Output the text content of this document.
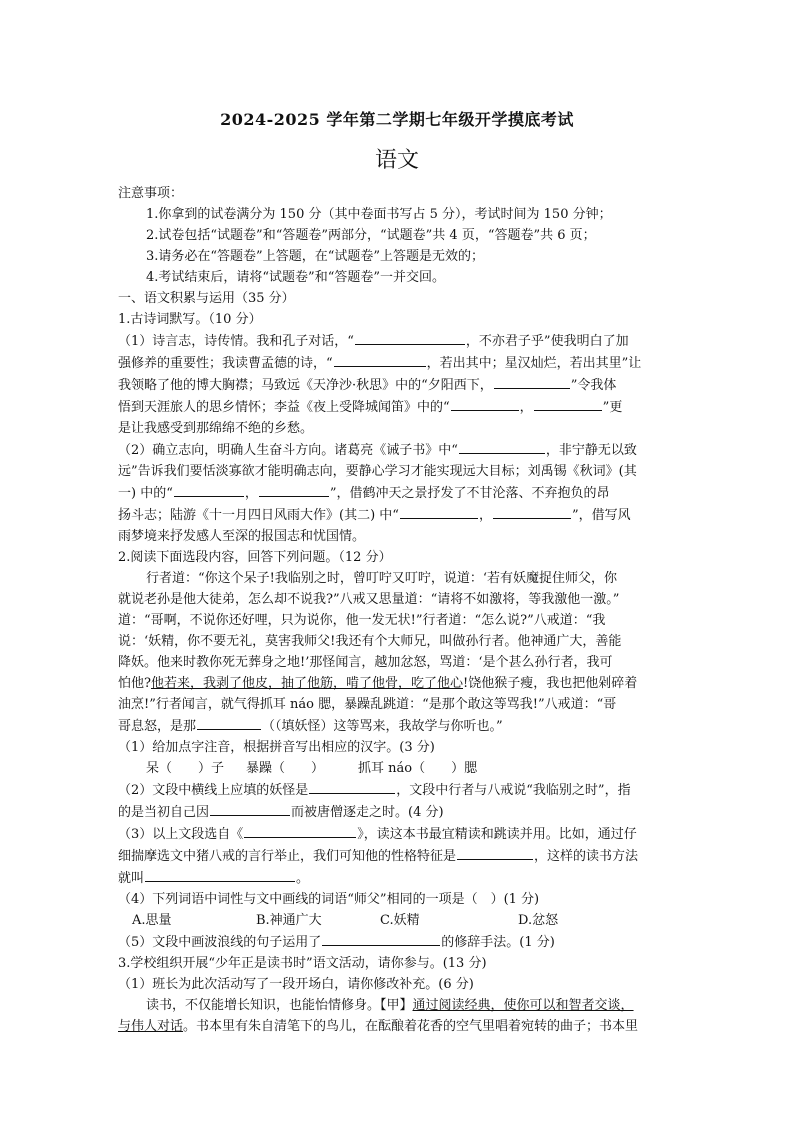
2024-2025 学年第二学期七年级开学摸底考试
语文
注意事项：
1.你拿到的试卷满分为 150 分（其中卷面书写占 5 分），考试时间为 150 分钟；
2.试卷包括“试题卷”和“答题卷”两部分，“试题卷”共 4 页，“答题卷”共 6 页；
3.请务必在“答题卷”上答题，在“试题卷”上答题是无效的；
4.考试结束后，请将“试题卷”和“答题卷”一并交回。
一、语文积累与运用（35 分）
1.古诗词默写。（10 分）
（1）诗言志，诗传情。我和孔子对话，“	，不亦君子乎”使我明白了加
强修养的重要性；我读曹孟德的诗，“	，若出其中；星汉灿烂，若出其里”让
我领略了他的博大胸襟；马致远《天净沙·秋思》中的“夕阳西下，	”令我体
悟到天涯旅人的思乡情怀；李益《夜上受降城闻笛》中的“	，	”更
是让我感受到那绵绵不绝的乡愁。
（2）确立志向，明确人生奋斗方向。诸葛亮《诫子书》中“	，非宁静无以致
远”告诉我们要恬淡寡欲才能明确志向，要静心学习才能实现远大目标；刘禹锡《秋词》(其
一) 中的“	，	”，借鹤冲天之景抒发了不甘沦落、不弃抱负的昂
扬斗志；陆游《十一月四日风雨大作》(其二) 中“	，	”，借写风
雨梦境来抒发感人至深的报国志和忧国情。
2.阅读下面选段内容，回答下列问题。（12 分）
行者道：“你这个呆子!我临别之时，曾叮咛又叮咛，说道：‘若有妖魔捉住师父，你
就说老孙是他大徒弟，怎么却不说我?”八戒又思量道：“请将不如激将，等我激他一激。”
道：“哥啊，不说你还好哩，只为说你，他一发无状!”行者道：“怎么说?”八戒道：“我
说：‘妖精，你不要无礼，莫害我师父!我还有个大师兄，叫做孙行者。他神通广大，善能
降妖。他来时教你死无葬身之地!’那怪闻言，越加忿怒，骂道：‘是个甚么孙行者，我可
怕他?他若来，我剥了他皮，抽了他筋，啃了他骨，吃了他心!饶他猴子瘦，我也把他剁碎着
油烹!”行者闻言，就气得抓耳 náo 腮，暴躁乱跳道：“是那个敢这等骂我!”八戒道：“哥
哥息怒，是那	（（填妖怪）这等骂来，我故学与你听也。”
（1）给加点字注音，根据拼音写出相应的汉字。(3 分)
呆（　　）子 暴躁（　　）	抓耳 náo（　　）腮
（2）文段中横线上应填的妖怪是	，文段中行者与八戒说“我临别之时”，指
的是当初自己因	而被唐僧逐走之时。(4 分)
（3）以上文段选自《	》，读这本书最宜精读和跳读并用。比如，通过仔
细揣摩选文中猪八戒的言行举止，我们可知他的性格特征是	，这样的读书方法
就叫	。
（4）下列词语中词性与文中画线的词语“师父”相同的一项是（　）(1 分)
A.思量	B.神通广大	C.妖精	D.忿怒
（5）文段中画波浪线的句子运用了	的修辞手法。(1 分)
3.学校组织开展“少年正是读书时”语文活动，请你参与。(13 分)
（1）班长为此次活动写了一段开场白，请你修改补充。(6 分)
读书，不仅能增长知识，也能怡情修身。【甲】通过阅读经典，使你可以和智者交谈，
与伟人对话。书本里有朱自清笔下的鸟儿，在酝酿着花香的空气里唱着宛转的曲子；书本里
